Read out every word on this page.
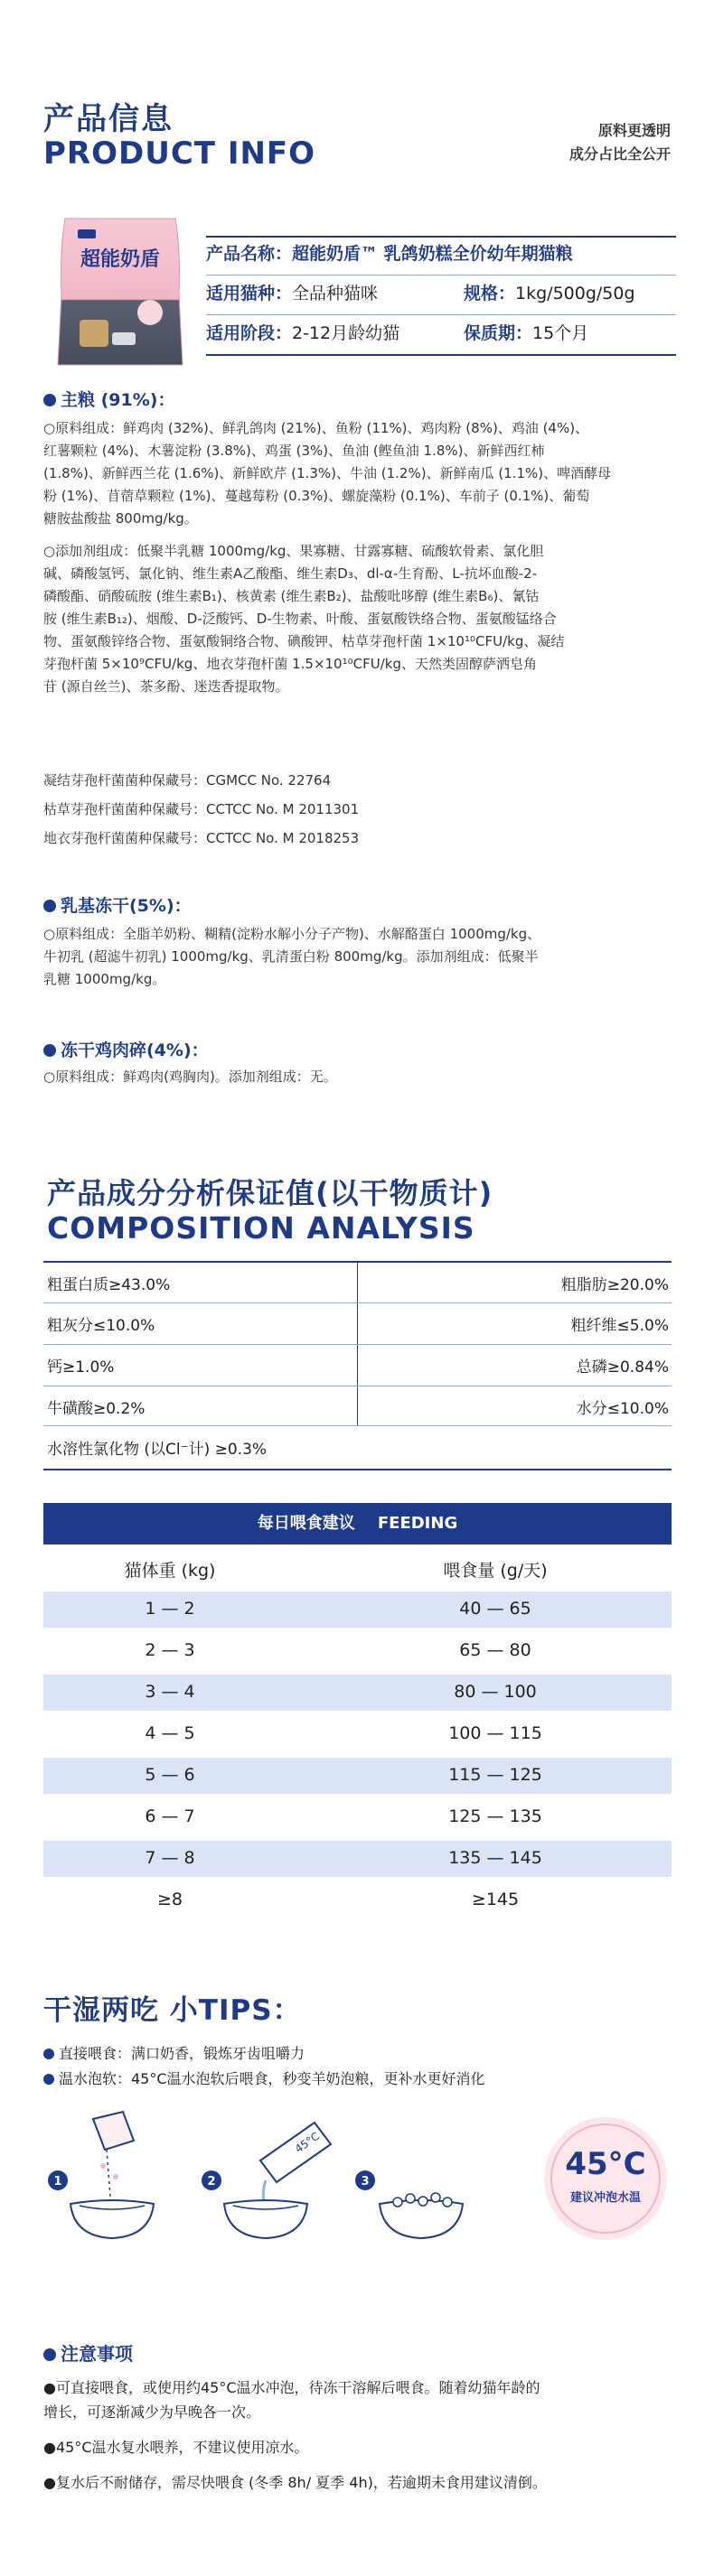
产品信息
PRODUCT INFO
原料更透明
成分占比全公开
超能奶盾	产品名称：超能奶盾™ 乳鸽奶糕全价幼年期猫粮
适用猫种：全品种猫咪	规格：1kg/500g/50g
适用阶段：2-12月龄幼猫	保质期：15个月
主粮 (91%)：
○原料组成：鲜鸡肉 (32%)、鲜乳鸽肉 (21%)、鱼粉 (11%)、鸡肉粉 (8%)、鸡油 (4%)、
红薯颗粒 (4%)、木薯淀粉 (3.8%)、鸡蛋 (3%)、鱼油 (鲣鱼油 1.8%)、新鲜西红柿
(1.8%)、新鲜西兰花 (1.6%)、新鲜欧芹 (1.3%)、牛油 (1.2%)、新鲜南瓜 (1.1%)、啤酒酵母
粉 (1%)、苜蓿草颗粒 (1%)、蔓越莓粉 (0.3%)、螺旋藻粉 (0.1%)、车前子 (0.1%)、葡萄
糖胺盐酸盐 800mg/kg。
○添加剂组成：低聚半乳糖 1000mg/kg、果寡糖、甘露寡糖、硫酸软骨素、氯化胆
碱、磷酸氢钙、氯化钠、维生素A乙酸酯、维生素D₃、dl-α-生育酚、L-抗坏血酸-2-
磷酸酯、硝酸硫胺 (维生素B₁)、核黄素 (维生素B₂)、盐酸吡哆醇 (维生素B₆)、氰钴
胺 (维生素B₁₂)、烟酸、D-泛酸钙、D-生物素、叶酸、蛋氨酸铁络合物、蛋氨酸锰络合
物、蛋氨酸锌络合物、蛋氨酸铜络合物、碘酸钾、枯草芽孢杆菌 1×10¹⁰CFU/kg、凝结
芽孢杆菌 5×10⁹CFU/kg、地衣芽孢杆菌 1.5×10¹⁰CFU/kg、天然类固醇萨洒皂角
苷 (源自丝兰)、茶多酚、迷迭香提取物。
凝结芽孢杆菌菌种保藏号：CGMCC No. 22764
枯草芽孢杆菌菌种保藏号：CCTCC No. M 2011301
地衣芽孢杆菌菌种保藏号：CCTCC No. M 2018253
乳基冻干(5%)：
○原料组成：全脂羊奶粉、糊精(淀粉水解小分子产物)、水解酪蛋白 1000mg/kg、
牛初乳 (超滤牛初乳) 1000mg/kg、乳清蛋白粉 800mg/kg。添加剂组成：低聚半
乳糖 1000mg/kg。
冻干鸡肉碎(4%)：
○原料组成：鲜鸡肉(鸡胸肉)。添加剂组成：无。
产品成分分析保证值(以干物质计)
COMPOSITION ANALYSIS
粗蛋白质≥43.0%	粗脂肪≥20.0%
粗灰分≤10.0%	粗纤维≤5.0%
钙≥1.0%	总磷≥0.84%
牛磺酸≥0.2%	水分≤10.0%
水溶性氯化物 (以Cl⁻计) ≥0.3%
每日喂食建议    FEEDING
猫体重 (kg)	喂食量 (g/天)
1 — 2	40 — 65
2 — 3	65 — 80
3 — 4	80 — 100
4 — 5	100 — 115
5 — 6	115 — 125
6 — 7	125 — 135
7 — 8	135 — 145
≥8	≥145
干湿两吃 小TIPS：
直接喂食：满口奶香，锻炼牙齿咀嚼力
温水泡软：45°C温水泡软后喂食，秒变羊奶泡粮，更补水更好消化
1	2
45°C
3	45°C
建议冲泡水温
注意事项
●可直接喂食，或使用约45°C温水冲泡，待冻干溶解后喂食。随着幼猫年龄的
增长，可逐渐减少为早晚各一次。
●45°C温水复水喂养，不建议使用凉水。
●复水后不耐储存，需尽快喂食 (冬季 8h/ 夏季 4h)，若逾期未食用建议清倒。
